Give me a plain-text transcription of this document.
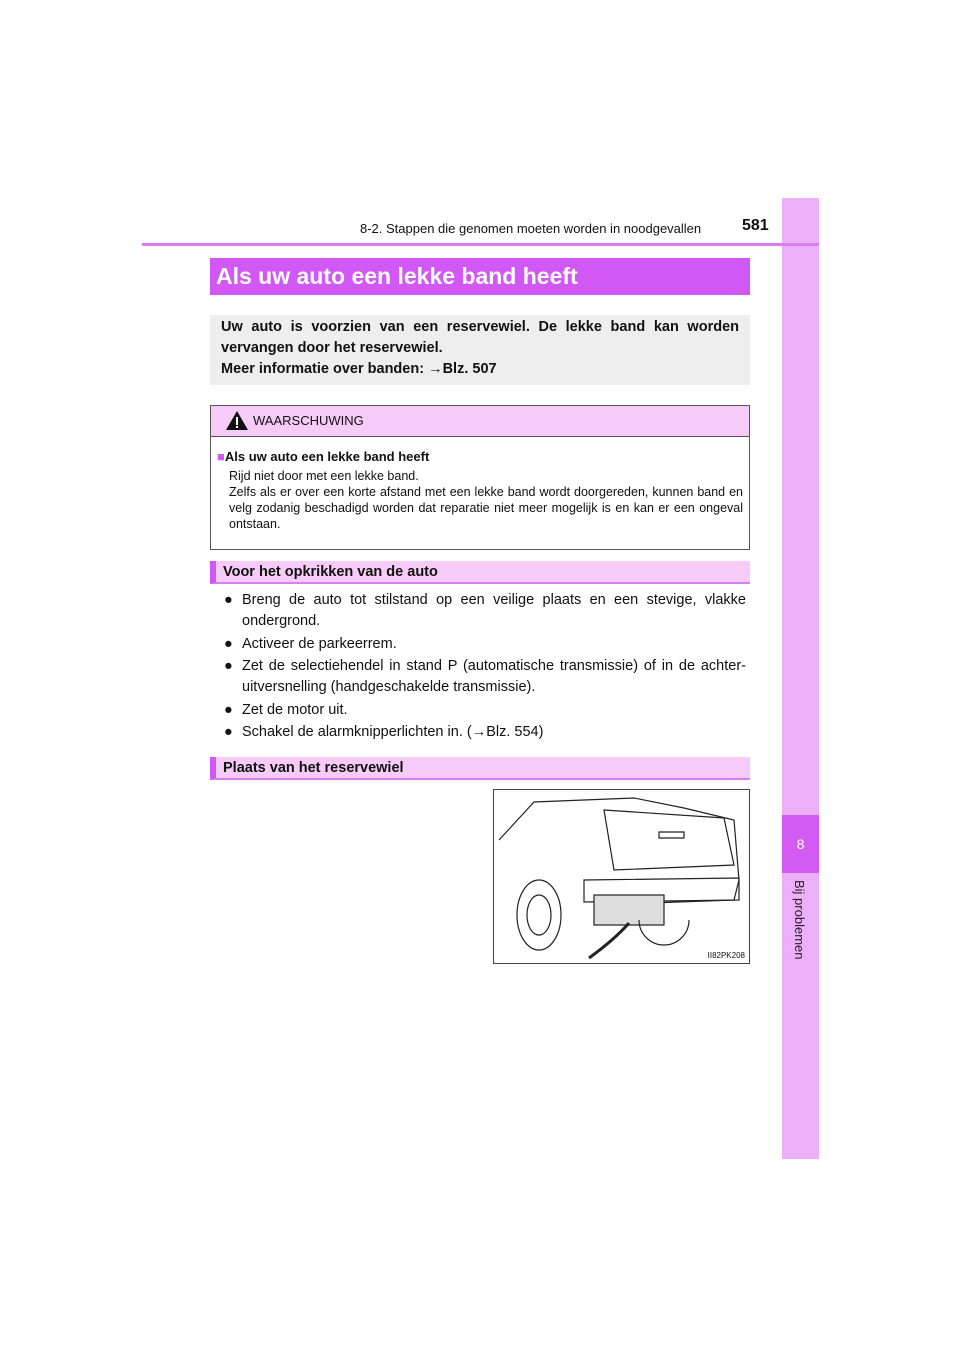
8
Bij problemen
8-2. Stappen die genomen moeten worden in noodgevallen	581
Als uw auto een lekke band heeft
Uw auto is voorzien van een reservewiel. De lekke band kan worden vervangen door het reservewiel.
Meer informatie over banden: →Blz. 507
WAARSCHUWING
■Als uw auto een lekke band heeft
Rijd niet door met een lekke band.
Zelfs als er over een korte afstand met een lekke band wordt doorgereden, kunnen band en velg zodanig beschadigd worden dat reparatie niet meer mogelijk is en kan er een ongeval ontstaan.
Voor het opkrikken van de auto
● Breng de auto tot stilstand op een veilige plaats en een stevige, vlakke ondergrond.
● Activeer de parkeerrem.
● Zet de selectiehendel in stand P (automatische transmissie) of in de achter-uitversnelling (handgeschakelde transmissie).
● Zet de motor uit.
● Schakel de alarmknipperlichten in. (→Blz. 554)
Plaats van het reservewiel
II82PK208
